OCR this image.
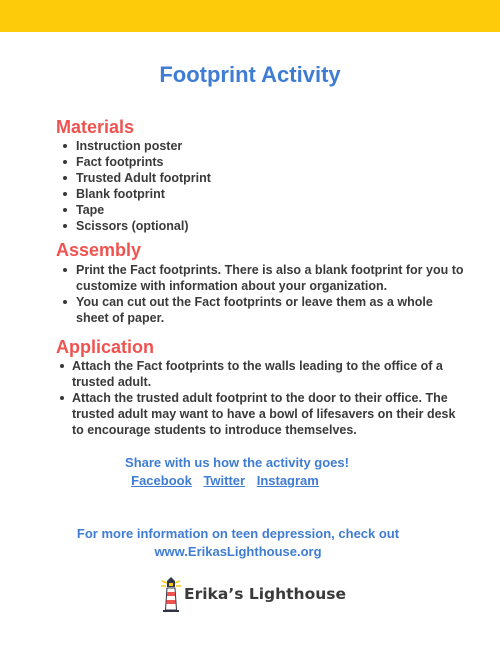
Footprint Activity
Materials
Instruction poster
Fact footprints
Trusted Adult footprint
Blank footprint
Tape
Scissors (optional)
Assembly
Print the Fact footprints. There is also a blank footprint for you to customize with information about your organization.
You can cut out the Fact footprints or leave them as a whole sheet of paper.
Application
Attach the Fact footprints to the walls leading to the office of a trusted adult.
Attach the trusted adult footprint to the door to their office. The trusted adult may want to have a bowl of lifesavers on their desk to encourage students to introduce themselves.
Share with us how the activity goes!
Facebook Twitter Instagram
For more information on teen depression, check out
www.ErikasLighthouse.org
Erika’s Lighthouse
